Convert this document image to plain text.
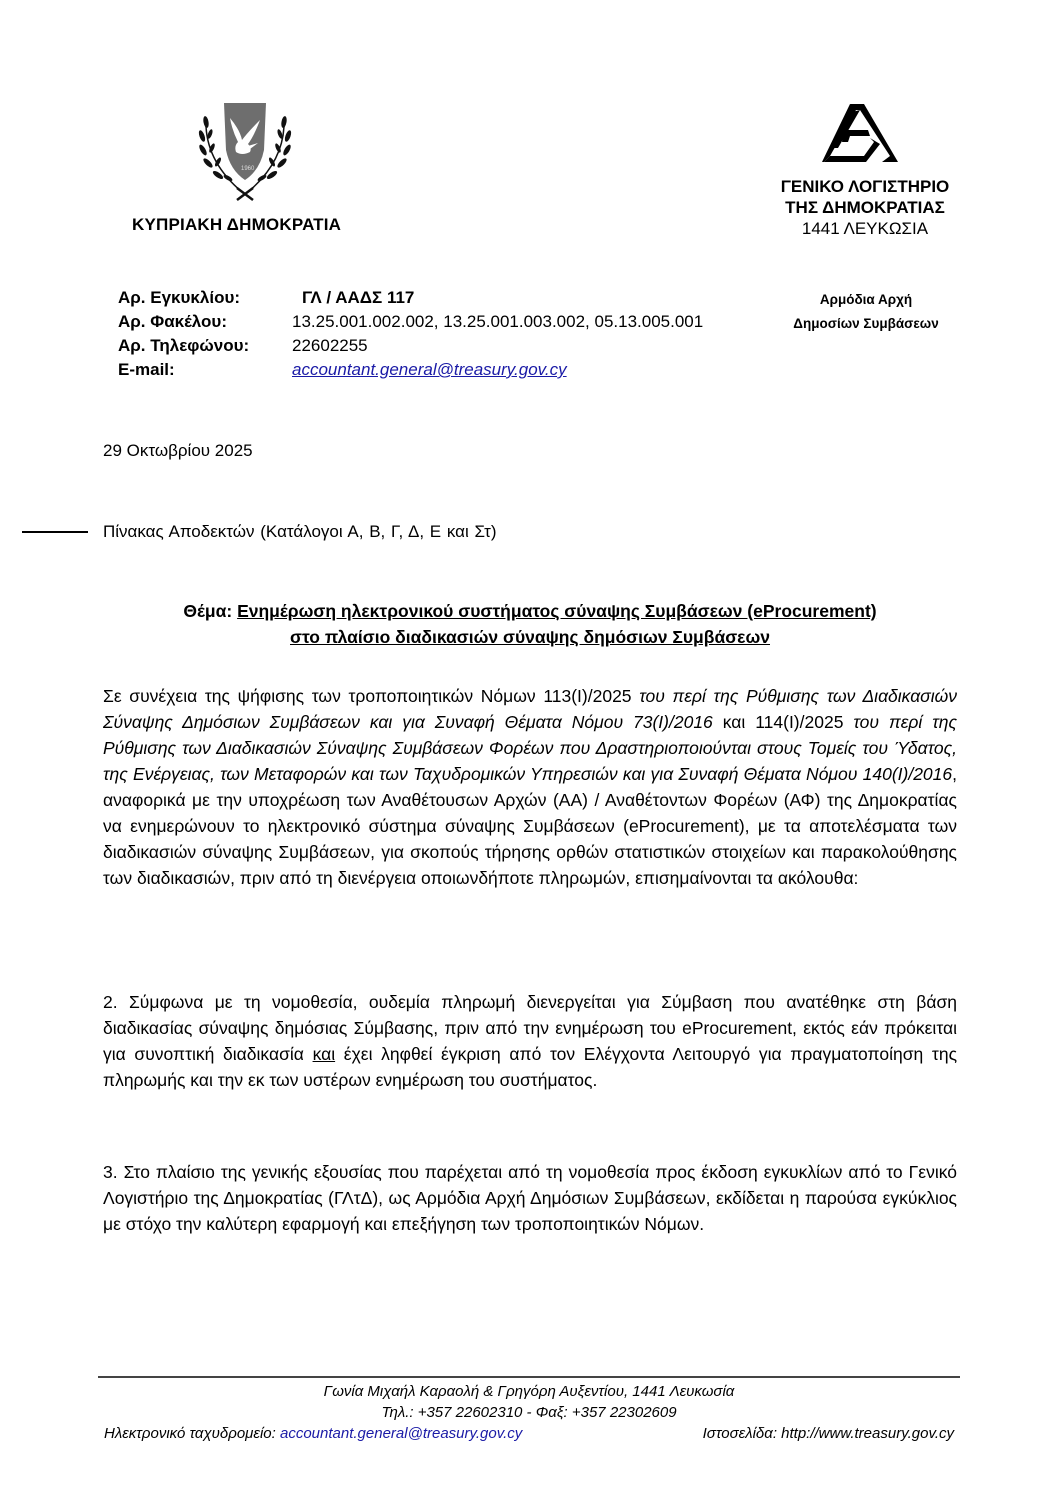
1960
ΚΥΠΡΙΑΚΗ ΔΗΜΟΚΡΑΤΙΑ
ΓΕΝΙΚΟ ΛΟΓΙΣΤΗΡΙΟ
ΤΗΣ ΔΗΜΟΚΡΑΤΙΑΣ
1441 ΛΕΥΚΩΣΙΑ
Αρ. Εγκυκλίου:	ΓΛ / ΑΑΔΣ 117
Αρ. Φακέλου:	13.25.001.002.002, 13.25.001.003.002, 05.13.005.001
Αρ. Τηλεφώνου:	22602255
E-mail:	accountant.general@treasury.gov.cy
Αρμόδια Αρχή
Δημοσίων Συμβάσεων
29 Οκτωβρίου 2025
Πίνακας Αποδεκτών (Κατάλογοι Α, Β, Γ, Δ, Ε και Στ)
Θέμα: Ενημέρωση ηλεκτρονικού συστήματος σύναψης Συμβάσεων (eProcurement)
στο πλαίσιο διαδικασιών σύναψης δημόσιων Συμβάσεων
Σε συνέχεια της ψήφισης των τροποποιητικών Νόμων 113(I)/2025 του περί της Ρύθμισης των Διαδικασιών Σύναψης Δημόσιων Συμβάσεων και για Συναφή Θέματα Νόμου 73(I)/2016 και 114(I)/2025 του περί της Ρύθμισης των Διαδικασιών Σύναψης Συμβάσεων Φορέων που Δραστηριοποιούνται στους Τομείς του Ύδατος, της Ενέργειας, των Μεταφορών και των Ταχυδρομικών Υπηρεσιών και για Συναφή Θέματα Νόμου 140(I)/2016, αναφορικά με την υποχρέωση των Αναθέτουσων Αρχών (ΑΑ) / Αναθέτοντων Φορέων (ΑΦ) της Δημοκρατίας να ενημερώνουν το ηλεκτρονικό σύστημα σύναψης Συμβάσεων (eProcurement), με τα αποτελέσματα των διαδικασιών σύναψης Συμβάσεων, για σκοπούς τήρησης ορθών στατιστικών στοιχείων και παρακολούθησης των διαδικασιών, πριν από τη διενέργεια οποιωνδήποτε πληρωμών, επισημαίνονται τα ακόλουθα:
2. Σύμφωνα με τη νομοθεσία, ουδεμία πληρωμή διενεργείται για Σύμβαση που ανατέθηκε στη βάση διαδικασίας σύναψης δημόσιας Σύμβασης, πριν από την ενημέρωση του eProcurement, εκτός εάν πρόκειται για συνοπτική διαδικασία και έχει ληφθεί έγκριση από τον Ελέγχοντα Λειτουργό για πραγματοποίηση της πληρωμής και την εκ των υστέρων ενημέρωση του συστήματος.
3. Στο πλαίσιο της γενικής εξουσίας που παρέχεται από τη νομοθεσία προς έκδοση εγκυκλίων από το Γενικό Λογιστήριο της Δημοκρατίας (ΓΛτΔ), ως Αρμόδια Αρχή Δημόσιων Συμβάσεων, εκδίδεται η παρούσα εγκύκλιος με στόχο την καλύτερη εφαρμογή και επεξήγηση των τροποποιητικών Νόμων.
Γωνία Μιχαήλ Καραολή & Γρηγόρη Αυξεντίου, 1441 Λευκωσία
Τηλ.: +357 22602310 - Φαξ: +357 22302609
Ηλεκτρονικό ταχυδρομείο: accountant.general@treasury.gov.cy	Ιστοσελίδα: http://www.treasury.gov.cy
